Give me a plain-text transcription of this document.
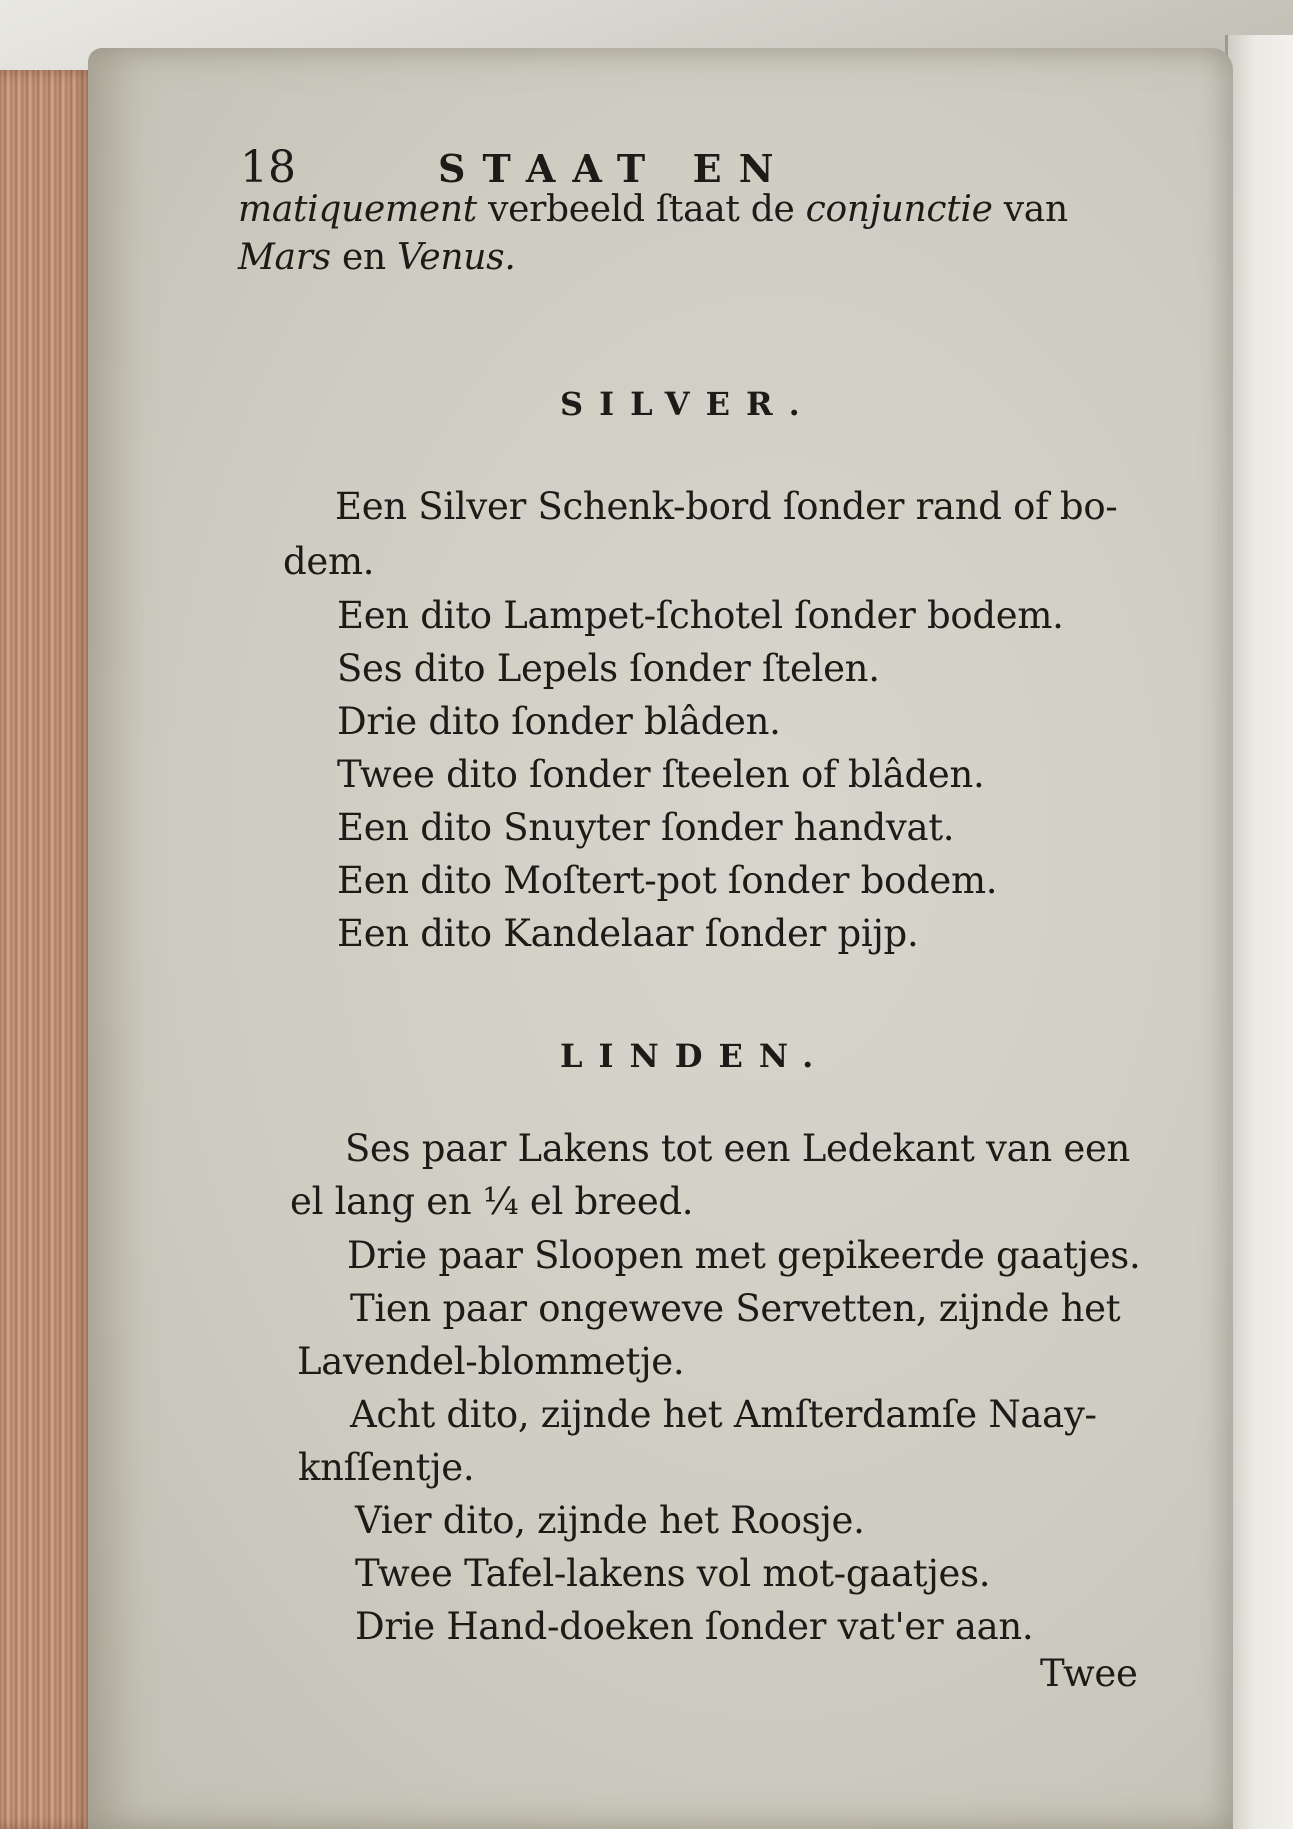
18	STAAT EN
matiquement verbeeld ſtaat de conjunctie van
Mars en Venus.
SILVER.
Een Silver Schenk-bord ſonder rand of bo-
dem.
Een dito Lampet-ſchotel ſonder bodem.
Ses dito Lepels ſonder ſtelen.
Drie dito ſonder blâden.
Twee dito ſonder ſteelen of blâden.
Een dito Snuyter ſonder handvat.
Een dito Moſtert-pot ſonder bodem.
Een dito Kandelaar ſonder pijp.
LINDEN.
Ses paar Lakens tot een Ledekant van een
el lang en ¼ el breed.
Drie paar Sloopen met gepikeerde gaatjes.
Tien paar ongeweve Servetten, zijnde het
Lavendel-blommetje.
Acht dito, zijnde het Amſterdamſe Naay-
knſſentje.
Vier dito, zijnde het Roosje.
Twee Tafel-lakens vol mot-gaatjes.
Drie Hand-doeken ſonder vat'er aan.
Twee
